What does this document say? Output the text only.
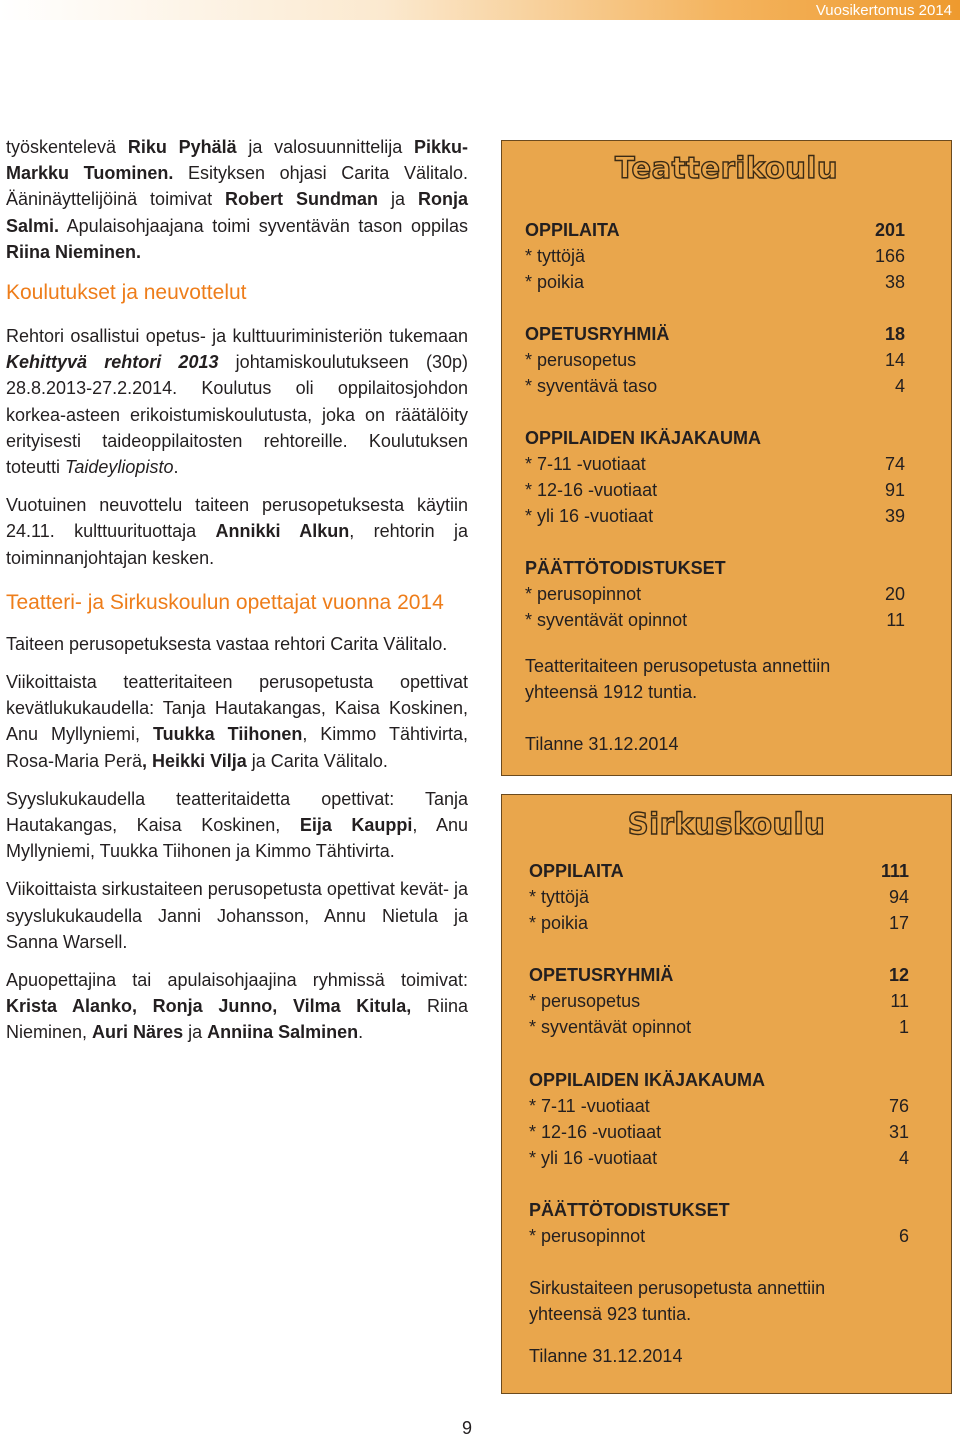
Vuosikertomus 2014

työskentelevä Riku Pyhälä ja valosuunnittelija Pikku-Markku Tuominen. Esityksen ohjasi Carita Välitalo. Ääninäyttelijöinä toimivat Robert Sundman ja Ronja Salmi. Apulaisohjaajana toimi syventävän tason oppilas Riina Nieminen.

Koulutukset ja neuvottelut

Rehtori osallistui opetus- ja kulttuuriministeriön tukemaan Kehittyvä rehtori 2013 johtamiskoulutukseen (30p) 28.8.2013-27.2.2014. Koulutus oli oppilaitosjohdon korkea-asteen erikoistumiskoulutusta, joka on räätälöity erityisesti taideoppilaitosten rehtoreille. Koulutuksen toteutti Taideyliopisto.

Vuotuinen neuvottelu taiteen perusopetuksesta käytiin 24.11. kulttuurituottaja Annikki Alkun, rehtorin ja toiminnanjohtajan kesken.

Teatteri- ja Sirkuskoulun opettajat vuonna 2014

Taiteen perusopetuksesta vastaa rehtori Carita Välitalo.

Viikoittaista teatteritaiteen perusopetusta opettivat kevätlukukaudella: Tanja Hautakangas, Kaisa Koskinen, Anu Myllyniemi, Tuukka Tiihonen, Kimmo Tähtivirta, Rosa-Maria Perä, Heikki Vilja ja Carita Välitalo.

Syyslukukaudella teatteritaidetta opettivat: Tanja Hautakangas, Kaisa Koskinen, Eija Kauppi, Anu Myllyniemi, Tuukka Tiihonen ja Kimmo Tähtivirta.

Viikoittaista sirkustaiteen perusopetusta opettivat kevät- ja syyslukukaudella Janni Johansson, Annu Nietula ja Sanna Warsell.

Apuopettajina tai apulaisohjaajina ryhmissä toimivat: Krista Alanko, Ronja Junno, Vilma Kitula, Riina Nieminen, Auri Näres ja Anniina Salminen.

Teatterikoulu
OPPILAITA	201
* tyttöjä	166
* poikia	38
OPETUSRYHMIÄ	18
* perusopetus	14
* syventävä taso	4
OPPILAIDEN IKÄJAKAUMA
* 7-11 -vuotiaat	74
* 12-16 -vuotiaat	91
* yli 16 -vuotiaat	39
PÄÄTTÖTODISTUKSET
* perusopinnot	20
* syventävät opinnot	11
Teatteritaiteen perusopetusta annettiin
yhteensä 1912 tuntia.
Tilanne 31.12.2014
Sirkuskoulu
OPPILAITA	111
* tyttöjä	94
* poikia	17
OPETUSRYHMIÄ	12
* perusopetus	11
* syventävät opinnot	1
OPPILAIDEN IKÄJAKAUMA
* 7-11 -vuotiaat	76
* 12-16 -vuotiaat	31
* yli 16 -vuotiaat	4
PÄÄTTÖTODISTUKSET
* perusopinnot	6
Sirkustaiteen perusopetusta annettiin
yhteensä 923 tuntia.
Tilanne 31.12.2014
9
